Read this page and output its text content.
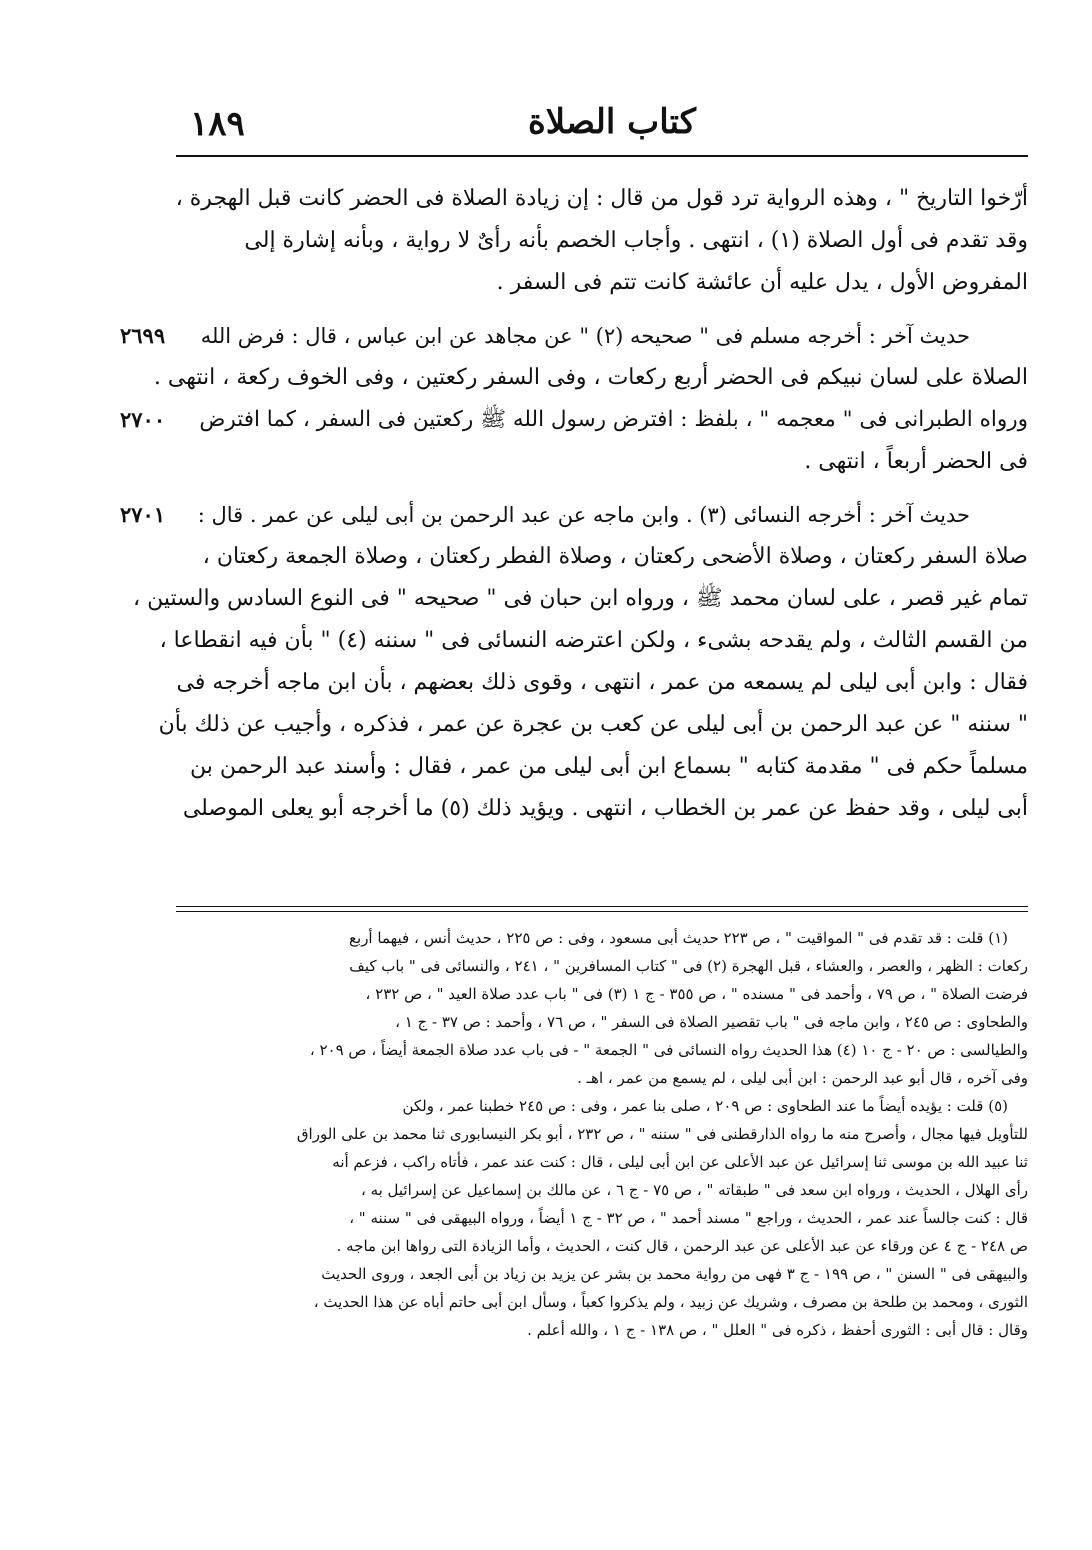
١٨٩	كتاب الصلاة
أرّخوا التاريخ " ، وهذه الرواية ترد قول من قال : إن زيادة الصلاة فى الحضر كانت قبل الهجرة ،
وقد تقدم فى أول الصلاة (١) ، انتهى . وأجاب الخصم بأنه رأىٌ لا رواية ، وبأنه إشارة إلى
المفروض الأول ، يدل عليه أن عائشة كانت تتم فى السفر .
حديث آخر : أخرجه مسلم فى " صحيحه (٢) " عن مجاهد عن ابن عباس ، قال : فرض الله
٢٦٩٩
الصلاة على لسان نبيكم فى الحضر أربع ركعات ، وفى السفر ركعتين ، وفى الخوف ركعة ، انتهى .
ورواه الطبرانى فى " معجمه " ، بلفظ : افترض رسول الله ﷺ ركعتين فى السفر ، كما افترض
٢٧٠٠
فى الحضر أربعاً ، انتهى .
حديث آخر : أخرجه النسائى (٣) . وابن ماجه عن عبد الرحمن بن أبى ليلى عن عمر . قال :
٢٧٠١
صلاة السفر ركعتان ، وصلاة الأضحى ركعتان ، وصلاة الفطر ركعتان ، وصلاة الجمعة ركعتان ،
تمام غير قصر ، على لسان محمد ﷺ ، ورواه ابن حبان فى " صحيحه " فى النوع السادس والستين ،
من القسم الثالث ، ولم يقدحه بشىء ، ولكن اعترضه النسائى فى " سننه (٤) " بأن فيه انقطاعا ،
فقال : وابن أبى ليلى لم يسمعه من عمر ، انتهى ، وقوى ذلك بعضهم ، بأن ابن ماجه أخرجه فى
" سننه " عن عبد الرحمن بن أبى ليلى عن كعب بن عجرة عن عمر ، فذكره ، وأجيب عن ذلك بأن
مسلماً حكم فى " مقدمة كتابه " بسماع ابن أبى ليلى من عمر ، فقال : وأسند عبد الرحمن بن
أبى ليلى ، وقد حفظ عن عمر بن الخطاب ، انتهى . ويؤيد ذلك (٥) ما أخرجه أبو يعلى الموصلى
(١) قلت : قد تقدم فى " المواقيت " ، ص ٢٢٣ حديث أبى مسعود ، وفى : ص ٢٢٥ ، حديث أنس ، فيهما أربع
ركعات : الظهر ، والعصر ، والعشاء ، قبل الهجرة (٢) فى " كتاب المسافرين " ، ٢٤١ ، والنسائى فى " باب كيف
فرضت الصلاة " ، ص ٧٩ ، وأحمد فى " مسنده " ، ص ٣٥٥ - ج ١ (٣) فى " باب عدد صلاة العيد " ، ص ٢٣٢ ،
والطحاوى : ص ٢٤٥ ، وابن ماجه فى " باب تقصير الصلاة فى السفر " ، ص ٧٦ ، وأحمد : ص ٣٧ - ج ١ ،
والطيالسى : ص ٢٠ - ج ١٠ (٤) هذا الحديث رواه النسائى فى " الجمعة " - فى باب عدد صلاة الجمعة أيضاً ، ص ٢٠٩ ،
وفى آخره ، قال أبو عبد الرحمن : ابن أبى ليلى ، لم يسمع من عمر ، اهـ .
(٥) قلت : يؤيده أيضاً ما عند الطحاوى : ص ٢٠٩ ، صلى بنا عمر ، وفى : ص ٢٤٥ خطبنا عمر ، ولكن
للتأويل فيها مجال ، وأصرح منه ما رواه الدارقطنى فى " سننه " ، ص ٢٣٢ ، أبو بكر النيسابورى ثنا محمد بن على الوراق
ثنا عبيد الله بن موسى ثنا إسرائيل عن عبد الأعلى عن ابن أبى ليلى ، قال : كنت عند عمر ، فأتاه راكب ، فزعم أنه
رأى الهلال ، الحديث ، ورواه ابن سعد فى " طبقاته " ، ص ٧٥ - ج ٦ ، عن مالك بن إسماعيل عن إسرائيل به ،
قال : كنت جالساً عند عمر ، الحديث ، وراجع " مسند أحمد " ، ص ٣٢ - ج ١ أيضاً ، ورواه البيهقى فى " سننه " ،
ص ٢٤٨ - ج ٤ عن ورقاء عن عبد الأعلى عن عبد الرحمن ، قال كنت ، الحديث ، وأما الزيادة التى رواها ابن ماجه .
والبيهقى فى " السنن " ، ص ١٩٩ - ج ٣ فهى من رواية محمد بن بشر عن يزيد بن زياد بن أبى الجعد ، وروى الحديث
الثورى ، ومحمد بن طلحة بن مصرف ، وشريك عن زبيد ، ولم يذكروا كعباً ، وسأل ابن أبى حاتم أباه عن هذا الحديث ،
وقال : قال أبى : الثورى أحفظ ، ذكره فى " العلل " ، ص ١٣٨ - ج ١ ، والله أعلم .
